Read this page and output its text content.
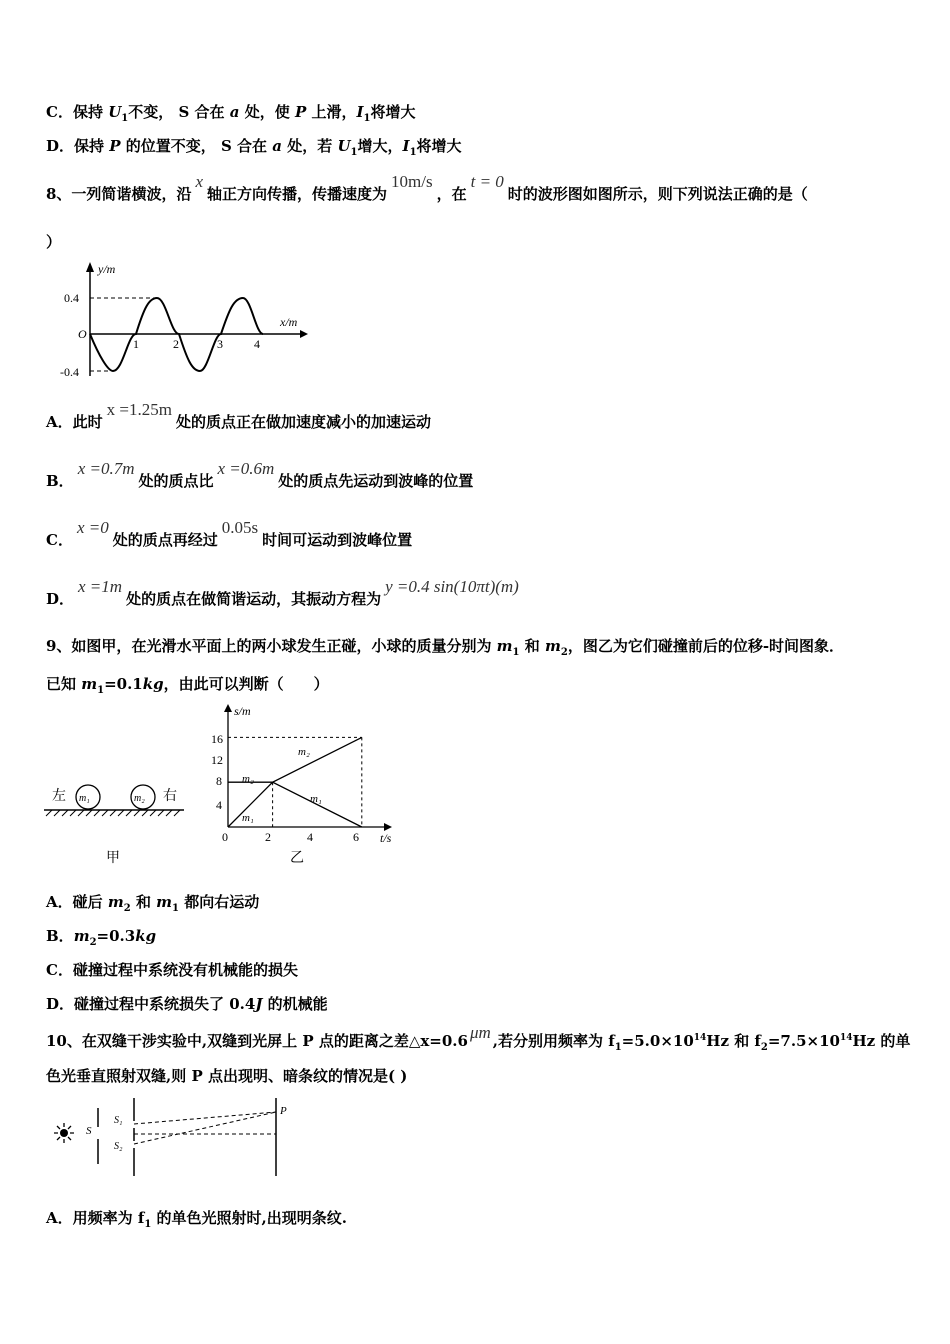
C．保持 $U_1$不变， S 合在 a 处，使 P 上滑，$I_1$将增大
D．保持 P 的位置不变， S 合在 a 处，若 $U_1$增大，$I_1$将增大
8、一列简谐横波，沿x轴正方向传播，传播速度为10m/s，在t = 0时的波形图如图所示，则下列说法正确的是（
）
y/m
x/m
0.4
-0.4
O
1	2	3	4
A．此时x =1.25m处的质点正在做加速度减小的加速运动
B．x =0.7m处的质点比x =0.6m处的质点先运动到波峰的位置
C．x =0处的质点再经过0.05s时间可运动到波峰位置
D．x =1m处的质点在做简谐运动，其振动方程为y =0.4 sin(10πt)(m)
9、如图甲，在光滑水平面上的两小球发生正碰，小球的质量分别为 $m_1$ 和 $m_2$，图乙为它们碰撞前后的位移-时间图象．
已知 $m_1=0.1kg$，由此可以判断（　　）
左 m₁	m₂ 右
甲
s/m
t/s
0
4
8
12
16
2	4	6
m₂
m₂
m₁
m₁
乙
A．碰后 $m_2$ 和 $m_1$ 都向右运动
B．$m_2=0.3kg$
C．碰撞过程中系统没有机械能的损失
D．碰撞过程中系统损失了 0.4J 的机械能
10、在双缝干涉实验中,双缝到光屏上 P 点的距离之差△x=0.6 μm ,若分别用频率为 $f_1=5.0\times 10^{14}Hz$ 和 $f_2=7.5\times 10^{14}Hz$ 的单
色光垂直照射双缝,则 P 点出现明、暗条纹的情况是( )
S
S₁
S₂
P
A．用频率为 $f_1$ 的单色光照射时,出现明条纹.
